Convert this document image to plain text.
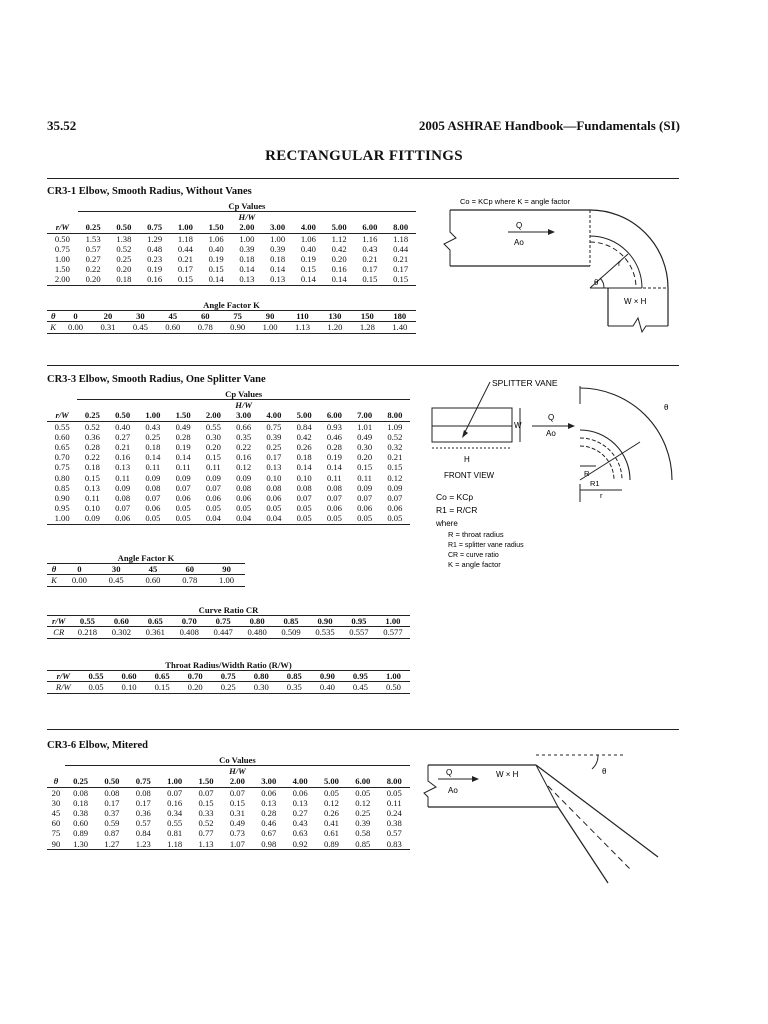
35.52	2005 ASHRAE Handbook—Fundamentals (SI)
RECTANGULAR FITTINGS
CR3-1 Elbow, Smooth Radius, Without Vanes
	Cp Values										
	H/W										
r/W	0.25	0.50	0.75	1.00	1.50	2.00	3.00	4.00	5.00	6.00	8.00
0.50	1.53	1.38	1.29	1.18	1.06	1.00	1.00	1.06	1.12	1.16	1.18
0.75	0.57	0.52	0.48	0.44	0.40	0.39	0.39	0.40	0.42	0.43	0.44
1.00	0.27	0.25	0.23	0.21	0.19	0.18	0.18	0.19	0.20	0.21	0.21
1.50	0.22	0.20	0.19	0.17	0.15	0.14	0.14	0.15	0.16	0.17	0.17
2.00	0.20	0.18	0.16	0.15	0.14	0.13	0.13	0.14	0.14	0.15	0.15
Angle Factor K											
θ	0	20	30	45	60	75	90	110	130	150	180
K	0.00	0.31	0.45	0.60	0.78	0.90	1.00	1.13	1.20	1.28	1.40
Co = KCp where K = angle factor
Q
Ao
r
θ
W × H
CR3-3 Elbow, Smooth Radius, One Splitter Vane
	Cp Values										
	H/W										
r/W	0.25	0.50	1.00	1.50	2.00	3.00	4.00	5.00	6.00	7.00	8.00
0.55	0.52	0.40	0.43	0.49	0.55	0.66	0.75	0.84	0.93	1.01	1.09
0.60	0.36	0.27	0.25	0.28	0.30	0.35	0.39	0.42	0.46	0.49	0.52
0.65	0.28	0.21	0.18	0.19	0.20	0.22	0.25	0.26	0.28	0.30	0.32
0.70	0.22	0.16	0.14	0.14	0.15	0.16	0.17	0.18	0.19	0.20	0.21
0.75	0.18	0.13	0.11	0.11	0.11	0.12	0.13	0.14	0.14	0.15	0.15
0.80	0.15	0.11	0.09	0.09	0.09	0.09	0.10	0.10	0.11	0.11	0.12
0.85	0.13	0.09	0.08	0.07	0.07	0.08	0.08	0.08	0.08	0.09	0.09
0.90	0.11	0.08	0.07	0.06	0.06	0.06	0.06	0.07	0.07	0.07	0.07
0.95	0.10	0.07	0.06	0.05	0.05	0.05	0.05	0.05	0.06	0.06	0.06
1.00	0.09	0.06	0.05	0.05	0.04	0.04	0.04	0.05	0.05	0.05	0.05
Angle Factor K					
θ	0	30	45	60	90
K	0.00	0.45	0.60	0.78	1.00
Curve Ratio CR										
r/W	0.55	0.60	0.65	0.70	0.75	0.80	0.85	0.90	0.95	1.00
CR	0.218	0.302	0.361	0.408	0.447	0.480	0.509	0.535	0.557	0.577
Throat Radius/Width Ratio (R/W)										
r/W	0.55	0.60	0.65	0.70	0.75	0.80	0.85	0.90	0.95	1.00
R/W	0.05	0.10	0.15	0.20	0.25	0.30	0.35	0.40	0.45	0.50
SPLITTER VANE
W
H
FRONT VIEW
Q
Ao
θ
R
R1
r
Co = KCp
R1 = R/CR
where
R = throat radius
R1 = splitter vane radius
CR = curve ratio
K = angle factor
CR3-6 Elbow, Mitered
	Co Values										
	H/W										
θ	0.25	0.50	0.75	1.00	1.50	2.00	3.00	4.00	5.00	6.00	8.00
20	0.08	0.08	0.08	0.07	0.07	0.07	0.06	0.06	0.05	0.05	0.05
30	0.18	0.17	0.17	0.16	0.15	0.15	0.13	0.13	0.12	0.12	0.11
45	0.38	0.37	0.36	0.34	0.33	0.31	0.28	0.27	0.26	0.25	0.24
60	0.60	0.59	0.57	0.55	0.52	0.49	0.46	0.43	0.41	0.39	0.38
75	0.89	0.87	0.84	0.81	0.77	0.73	0.67	0.63	0.61	0.58	0.57
90	1.30	1.27	1.23	1.18	1.13	1.07	0.98	0.92	0.89	0.85	0.83
θ
Q
Ao
W × H
